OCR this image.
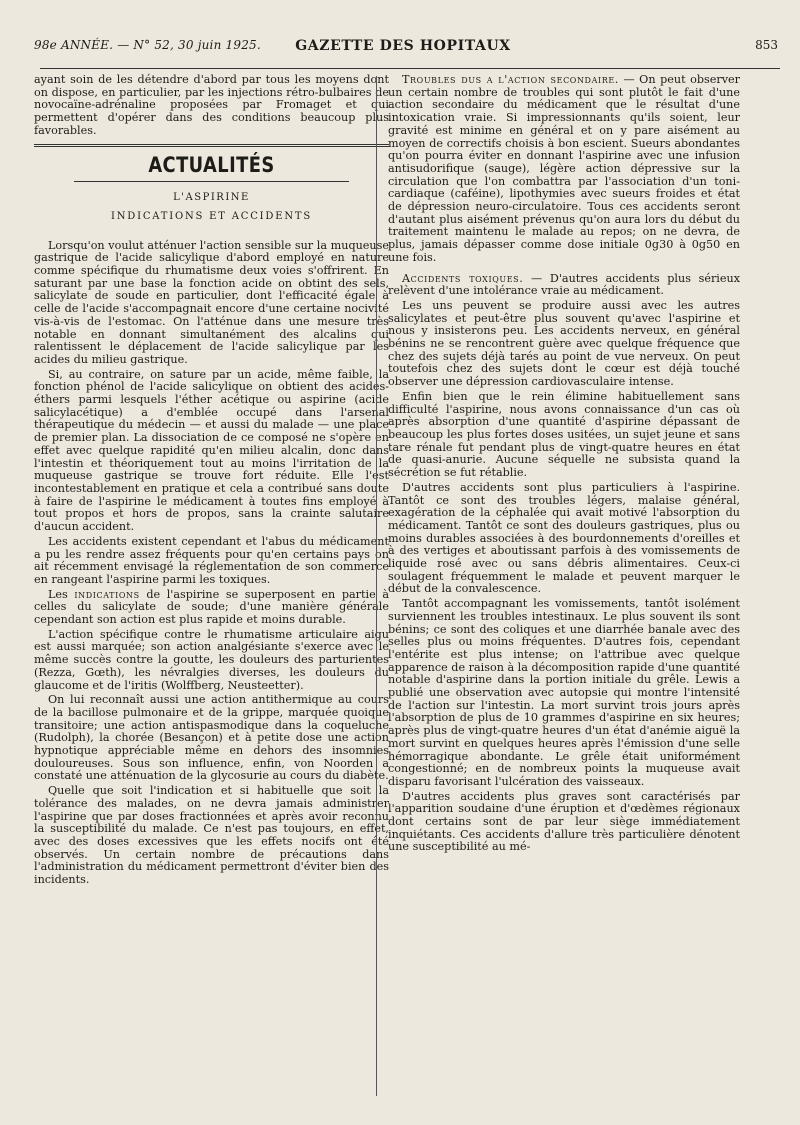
98e ANNÉE. — N° 52, 30 juin 1925.	GAZETTE DES HOPITAUX	853

ayant soin de les détendre d'abord par tous les moyens dont on dispose, en particulier, par les injections rétro-bulbaires de novocaïne-adrénaline proposées par Fromaget et qui permettent d'opérer dans des conditions beaucoup plus favorables.

ACTUALITÉS
L'ASPIRINE
INDICATIONS ET ACCIDENTS

Lorsqu'on voulut atténuer l'action sensible sur la muqueuse gastrique de l'acide salicylique d'abord employé en nature comme spécifique du rhumatisme deux voies s'offrirent. En saturant par une base la fonction acide on obtint des sels, salicylate de soude en particulier, dont l'efficacité égale à celle de l'acide s'accompagnait encore d'une certaine nocivité vis-à-vis de l'estomac. On l'atténue dans une mesure très notable en donnant simultanément des alcalins qui ralentissent le déplacement de l'acide salicylique par les acides du milieu gastrique.

Si, au contraire, on sature par un acide, même faible, la fonction phénol de l'acide salicylique on obtient des acides-éthers parmi lesquels l'éther acétique ou aspirine (acide salicylacétique) a d'emblée occupé dans l'arsenal thérapeutique du médecin — et aussi du malade — une place de premier plan. La dissociation de ce composé ne s'opère en effet avec quelque rapidité qu'en milieu alcalin, donc dans l'intestin et théoriquement tout au moins l'irritation de la muqueuse gastrique se trouve fort réduite. Elle l'est incontestablement en pratique et cela a contribué sans doute à faire de l'aspirine le médicament à toutes fins employé à tout propos et hors de propos, sans la crainte salutaire d'aucun accident.

Les accidents existent cependant et l'abus du médicament a pu les rendre assez fréquents pour qu'en certains pays on ait récemment envisagé la réglementation de son commerce en rangeant l'aspirine parmi les toxiques.

Les indications de l'aspirine se superposent en partie à celles du salicylate de soude; d'une manière générale cependant son action est plus rapide et moins durable.

L'action spécifique contre le rhumatisme articulaire aigu est aussi marquée; son action analgésiante s'exerce avec le même succès contre la goutte, les douleurs des parturientes (Rezza, Gœth), les névralgies diverses, les douleurs du glaucome et de l'iritis (Wolffberg, Neusteetter).

On lui reconnaît aussi une action antithermique au cours de la bacillose pulmonaire et de la grippe, marquée quoique transitoire; une action antispasmodique dans la coqueluche (Rudolph), la chorée (Besançon) et à petite dose une action hypnotique appréciable même en dehors des insomnies douloureuses. Sous son influence, enfin, von Noorden a constaté une atténuation de la glycosurie au cours du diabète.

Quelle que soit l'indication et si habituelle que soit la tolérance des malades, on ne devra jamais administrer l'aspirine que par doses fractionnées et après avoir reconnu la susceptibilité du malade. Ce n'est pas toujours, en effet, avec des doses excessives que les effets nocifs ont été observés. Un certain nombre de précautions dans l'administration du médicament permettront d'éviter bien des incidents.

Troubles dus a l'action secondaire. — On peut observer un certain nombre de troubles qui sont plutôt le fait d'une action secondaire du médicament que le résultat d'une intoxication vraie. Si impressionnants qu'ils soient, leur gravité est minime en général et on y pare aisément au moyen de correctifs choisis à bon escient. Sueurs abondantes qu'on pourra éviter en donnant l'aspirine avec une infusion antisudorifique (sauge), légère action dépressive sur la circulation que l'on combattra par l'association d'un toni-cardiaque (caféine), lipothymies avec sueurs froides et état de dépression neuro-circulatoire. Tous ces accidents seront d'autant plus aisément prévenus qu'on aura lors du début du traitement maintenu le malade au repos; on ne devra, de plus, jamais dépasser comme dose initiale 0g30 à 0g50 en une fois.

Accidents toxiques. — D'autres accidents plus sérieux relèvent d'une intolérance vraie au médicament.

Les uns peuvent se produire aussi avec les autres salicylates et peut-être plus souvent qu'avec l'aspirine et nous y insisterons peu. Les accidents nerveux, en général bénins ne se rencontrent guère avec quelque fréquence que chez des sujets déjà tarés au point de vue nerveux. On peut toutefois chez des sujets dont le cœur est déjà touché observer une dépression cardiovasculaire intense.

Enfin bien que le rein élimine habituellement sans difficulté l'aspirine, nous avons connaissance d'un cas où après absorption d'une quantité d'aspirine dépassant de beaucoup les plus fortes doses usitées, un sujet jeune et sans tare rénale fut pendant plus de vingt-quatre heures en état de quasi-anurie. Aucune séquelle ne subsista quand la sécrétion se fut rétablie.

D'autres accidents sont plus particuliers à l'aspirine. Tantôt ce sont des troubles légers, malaise général, exagération de la céphalée qui avait motivé l'absorption du médicament. Tantôt ce sont des douleurs gastriques, plus ou moins durables associées à des bourdonnements d'oreilles et à des vertiges et aboutissant parfois à des vomissements de liquide rosé avec ou sans débris alimentaires. Ceux-ci soulagent fréquemment le malade et peuvent marquer le début de la convalescence.

Tantôt accompagnant les vomissements, tantôt isolément surviennent les troubles intestinaux. Le plus souvent ils sont bénins; ce sont des coliques et une diarrhée banale avec des selles plus ou moins fréquentes. D'autres fois, cependant l'entérite est plus intense; on l'attribue avec quelque apparence de raison à la décomposition rapide d'une quantité notable d'aspirine dans la portion initiale du grêle. Lewis a publié une observation avec autopsie qui montre l'intensité de l'action sur l'intestin. La mort survint trois jours après l'absorption de plus de 10 grammes d'aspirine en six heures; après plus de vingt-quatre heures d'un état d'anémie aiguë la mort survint en quelques heures après l'émission d'une selle hémorragique abondante. Le grêle était uniformément congestionné; en de nombreux points la muqueuse avait disparu favorisant l'ulcération des vaisseaux.

D'autres accidents plus graves sont caractérisés par l'apparition soudaine d'une éruption et d'œdèmes régionaux dont certains sont de par leur siège immédiatement inquiétants. Ces accidents d'allure très particulière dénotent une susceptibilité au mé-
